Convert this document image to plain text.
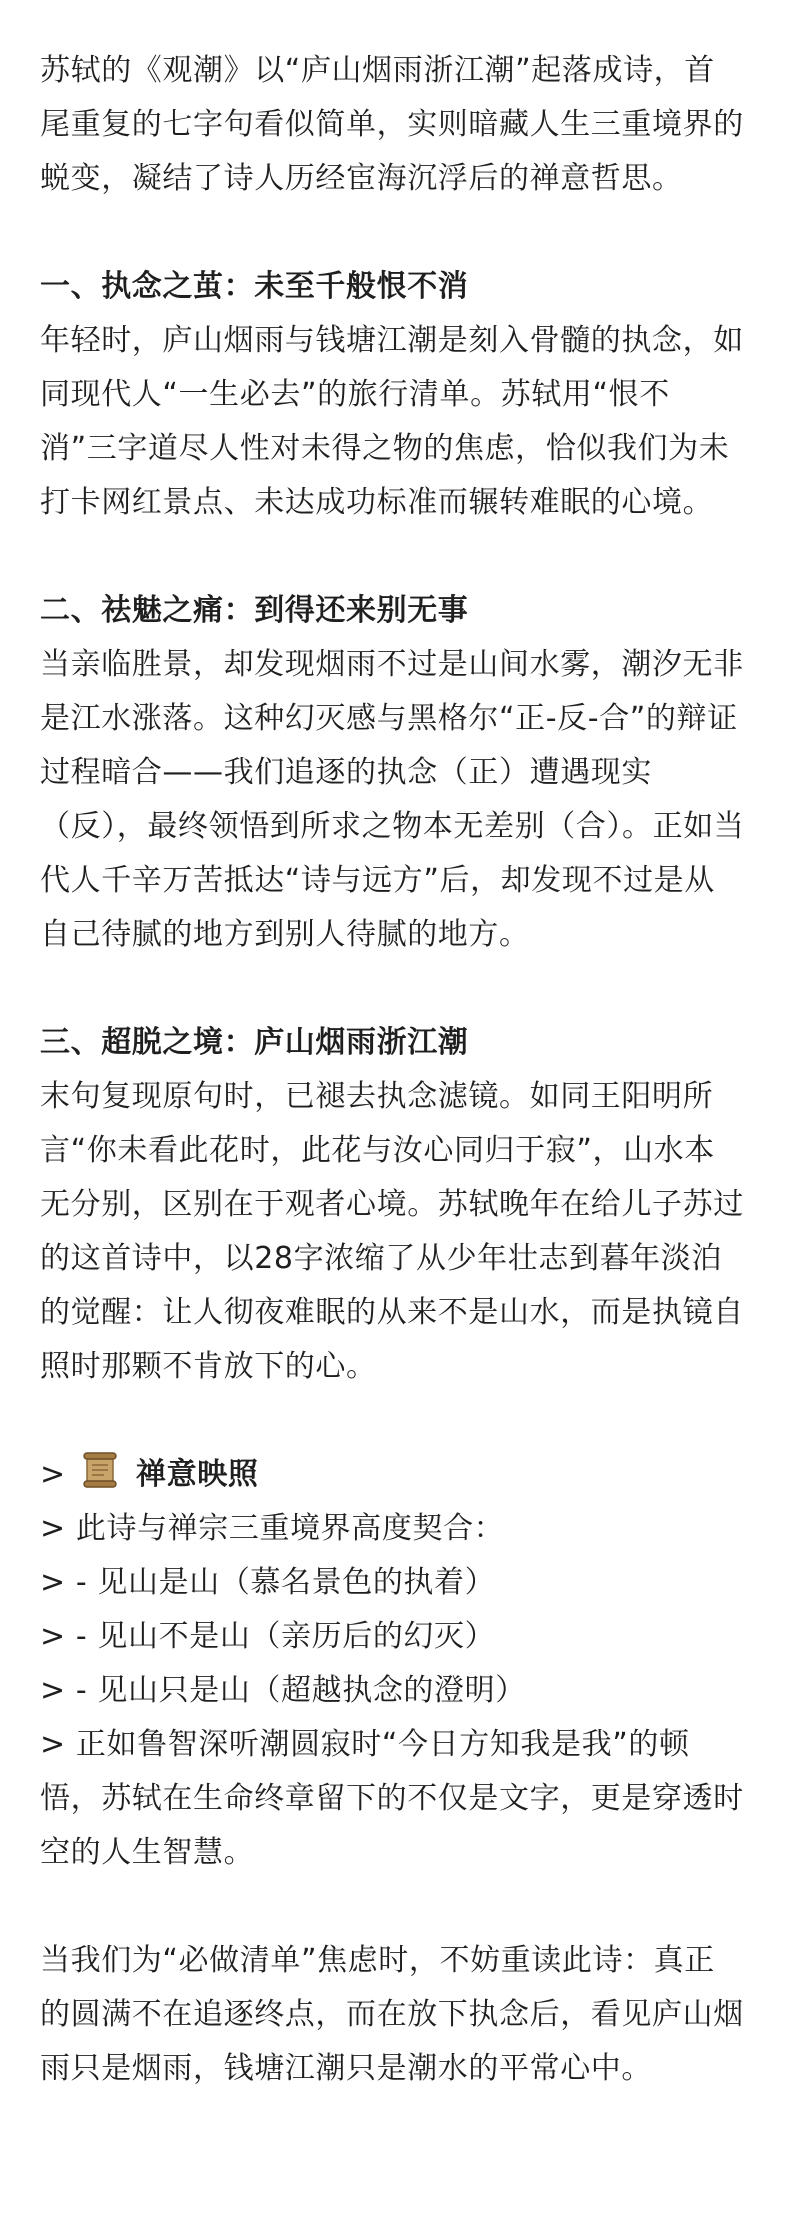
苏轼的《观潮》以“庐山烟雨浙江潮”起落成诗，首尾重复的七字句看似简单，实则暗藏人生三重境界的蜕变，凝结了诗人历经宦海沉浮后的禅意哲思。

一、执念之茧：未至千般恨不消

年轻时，庐山烟雨与钱塘江潮是刻入骨髓的执念，如同现代人“一生必去”的旅行清单。苏轼用“恨不消”三字道尽人性对未得之物的焦虑，恰似我们为未打卡网红景点、未达成功标准而辗转难眠的心境。

二、祛魅之痛：到得还来别无事

当亲临胜景，却发现烟雨不过是山间水雾，潮汐无非是江水涨落。这种幻灭感与黑格尔“正-反-合”的辩证过程暗合——我们追逐的执念（正）遭遇现实（反），最终领悟到所求之物本无差别（合）。正如当代人千辛万苦抵达“诗与远方”后，却发现不过是从自己待腻的地方到别人待腻的地方。

三、超脱之境：庐山烟雨浙江潮

末句复现原句时，已褪去执念滤镜。如同王阳明所言“你未看此花时，此花与汝心同归于寂”，山水本无分别，区别在于观者心境。苏轼晚年在给儿子苏过的这首诗中，以28字浓缩了从少年壮志到暮年淡泊的觉醒：让人彻夜难眠的从来不是山水，而是执镜自照时那颗不肯放下的心。

> 禅意映照

> 此诗与禅宗三重境界高度契合：

> - 见山是山（慕名景色的执着）

> - 见山不是山（亲历后的幻灭）

> - 见山只是山（超越执念的澄明）

> 正如鲁智深听潮圆寂时“今日方知我是我”的顿悟，苏轼在生命终章留下的不仅是文字，更是穿透时空的人生智慧。

当我们为“必做清单”焦虑时，不妨重读此诗：真正的圆满不在追逐终点，而在放下执念后，看见庐山烟雨只是烟雨，钱塘江潮只是潮水的平常心中。
